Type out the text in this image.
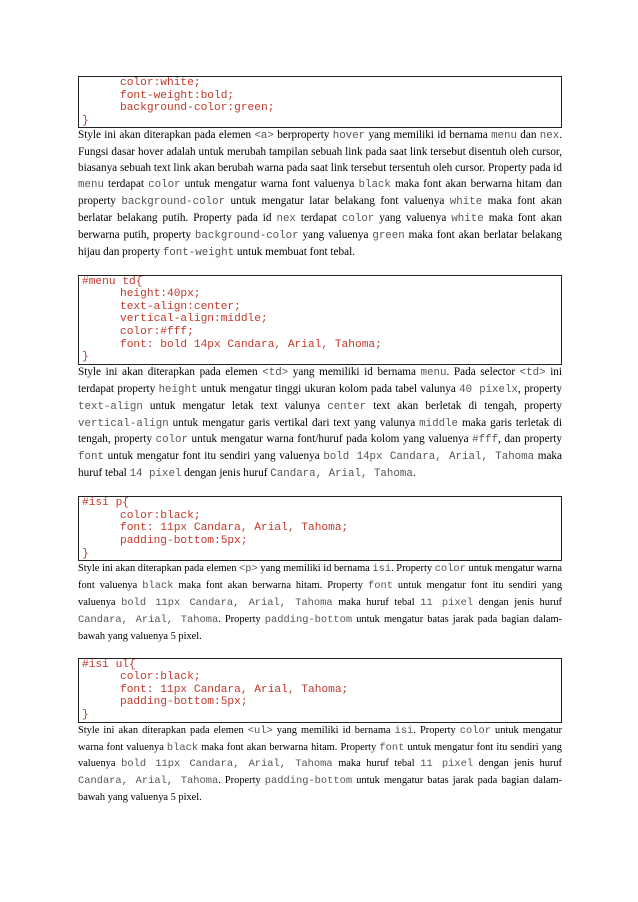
color:white;
font-weight:bold;
background-color:green;
}

Style ini akan diterapkan pada elemen <a> berproperty hover yang memiliki id bernama menu dan nex. Fungsi dasar hover adalah untuk merubah tampilan sebuah link pada saat link tersebut disentuh oleh cursor, biasanya sebuah text link akan berubah warna pada saat link tersebut tersentuh oleh cursor. Property pada id menu terdapat color untuk mengatur warna font valuenya black maka font akan berwarna hitam dan property background-color untuk mengatur latar belakang font valuenya white maka font akan berlatar belakang putih. Property pada id nex terdapat color yang valuenya white maka font akan berwarna putih, property background-color yang valuenya green maka font akan berlatar belakang hijau dan property font-weight untuk membuat font tebal.

#menu td{
height:40px;
text-align:center;
vertical-align:middle;
color:#fff;
font: bold 14px Candara, Arial, Tahoma;
}

Style ini akan diterapkan pada elemen <td> yang memiliki id bernama menu. Pada selector <td> ini terdapat property height untuk mengatur tinggi ukuran kolom pada tabel valunya 40 pixelx, property text-align untuk mengatur letak text valunya center text akan berletak di tengah, property vertical-align untuk mengatur garis vertikal dari text yang valunya middle maka garis terletak di tengah, property color untuk mengatur warna font/huruf pada kolom yang valuenya #fff, dan property font untuk mengatur font itu sendiri yang valuenya bold 14px Candara, Arial, Tahoma maka huruf tebal 14 pixel dengan jenis huruf Candara, Arial, Tahoma.

#isi p{
color:black;
font: 11px Candara, Arial, Tahoma;
padding-bottom:5px;
}

Style ini akan diterapkan pada elemen <p> yang memiliki id bernama isi. Property color untuk mengatur warna font valuenya black maka font akan berwarna hitam. Property font untuk mengatur font itu sendiri yang valuenya bold 11px Candara, Arial, Tahoma maka huruf tebal 11 pixel dengan jenis huruf Candara, Arial, Tahoma. Property padding-bottom untuk mengatur batas jarak pada bagian dalam-bawah yang valuenya 5 pixel.

#isi ul{
color:black;
font: 11px Candara, Arial, Tahoma;
padding-bottom:5px;
}

Style ini akan diterapkan pada elemen <ul> yang memiliki id bernama isi. Property color untuk mengatur warna font valuenya black maka font akan berwarna hitam. Property font untuk mengatur font itu sendiri yang valuenya bold 11px Candara, Arial, Tahoma maka huruf tebal 11 pixel dengan jenis huruf Candara, Arial, Tahoma. Property padding-bottom untuk mengatur batas jarak pada bagian dalam-bawah yang valuenya 5 pixel.
